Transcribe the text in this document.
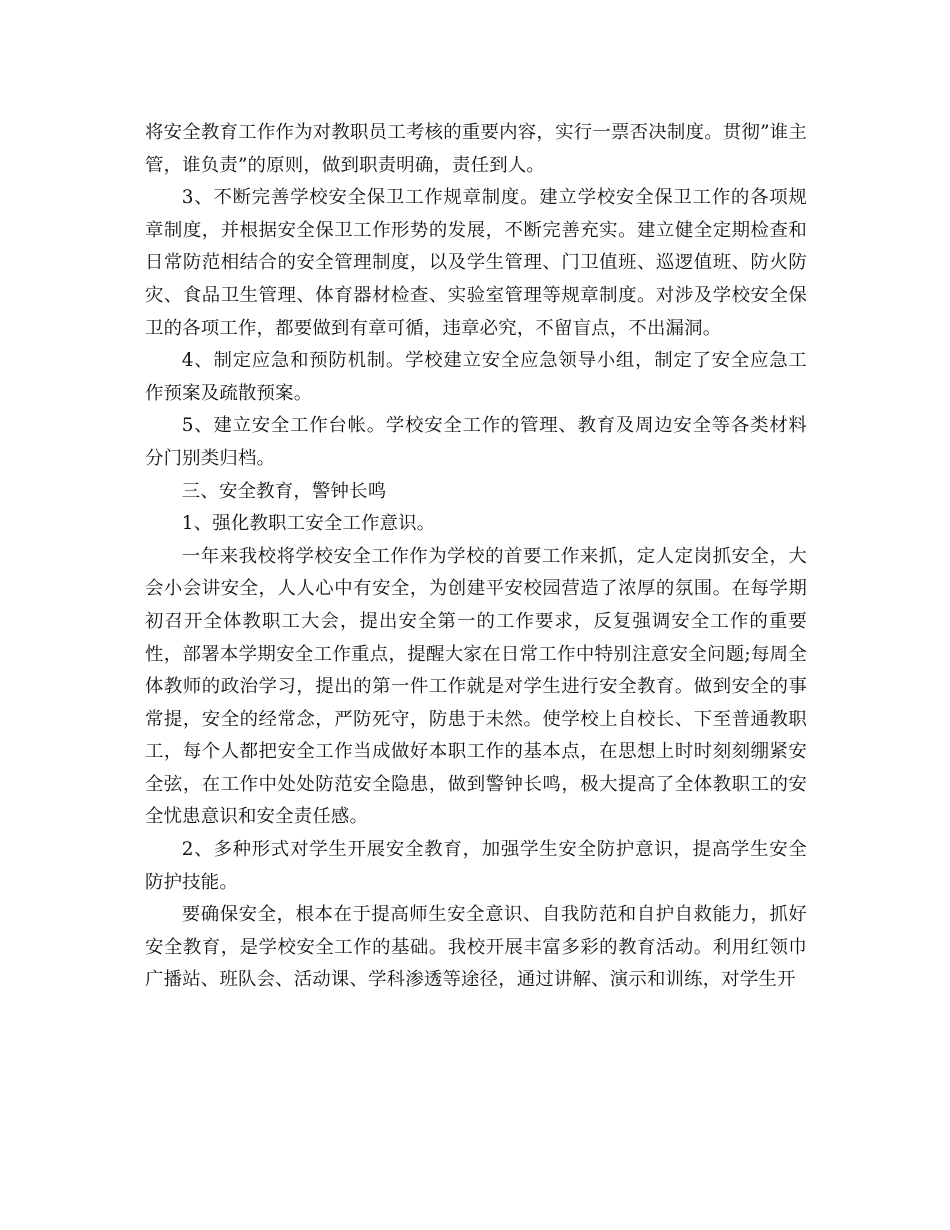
将安全教育工作作为对教职员工考核的重要内容，实行一票否决制度。贯彻”谁主管，谁负责”的原则，做到职责明确，责任到人。

3、不断完善学校安全保卫工作规章制度。建立学校安全保卫工作的各项规章制度，并根据安全保卫工作形势的发展，不断完善充实。建立健全定期检查和日常防范相结合的安全管理制度，以及学生管理、门卫值班、巡逻值班、防火防灾、食品卫生管理、体育器材检查、实验室管理等规章制度。对涉及学校安全保卫的各项工作，都要做到有章可循，违章必究，不留盲点，不出漏洞。

4、制定应急和预防机制。学校建立安全应急领导小组，制定了安全应急工作预案及疏散预案。

5、建立安全工作台帐。学校安全工作的管理、教育及周边安全等各类材料分门别类归档。

三、安全教育，警钟长鸣

1、强化教职工安全工作意识。

一年来我校将学校安全工作作为学校的首要工作来抓，定人定岗抓安全，大会小会讲安全，人人心中有安全，为创建平安校园营造了浓厚的氛围。在每学期初召开全体教职工大会，提出安全第一的工作要求，反复强调安全工作的重要性，部署本学期安全工作重点，提醒大家在日常工作中特别注意安全问题;每周全体教师的政治学习，提出的第一件工作就是对学生进行安全教育。做到安全的事常提，安全的经常念，严防死守，防患于未然。使学校上自校长、下至普通教职工，每个人都把安全工作当成做好本职工作的基本点，在思想上时时刻刻绷紧安全弦，在工作中处处防范安全隐患，做到警钟长鸣，极大提高了全体教职工的安全忧患意识和安全责任感。

2、多种形式对学生开展安全教育，加强学生安全防护意识，提高学生安全防护技能。

要确保安全，根本在于提高师生安全意识、自我防范和自护自救能力，抓好安全教育，是学校安全工作的基础。我校开展丰富多彩的教育活动。利用红领巾广播站、班队会、活动课、学科渗透等途径，通过讲解、演示和训练，对学生开
